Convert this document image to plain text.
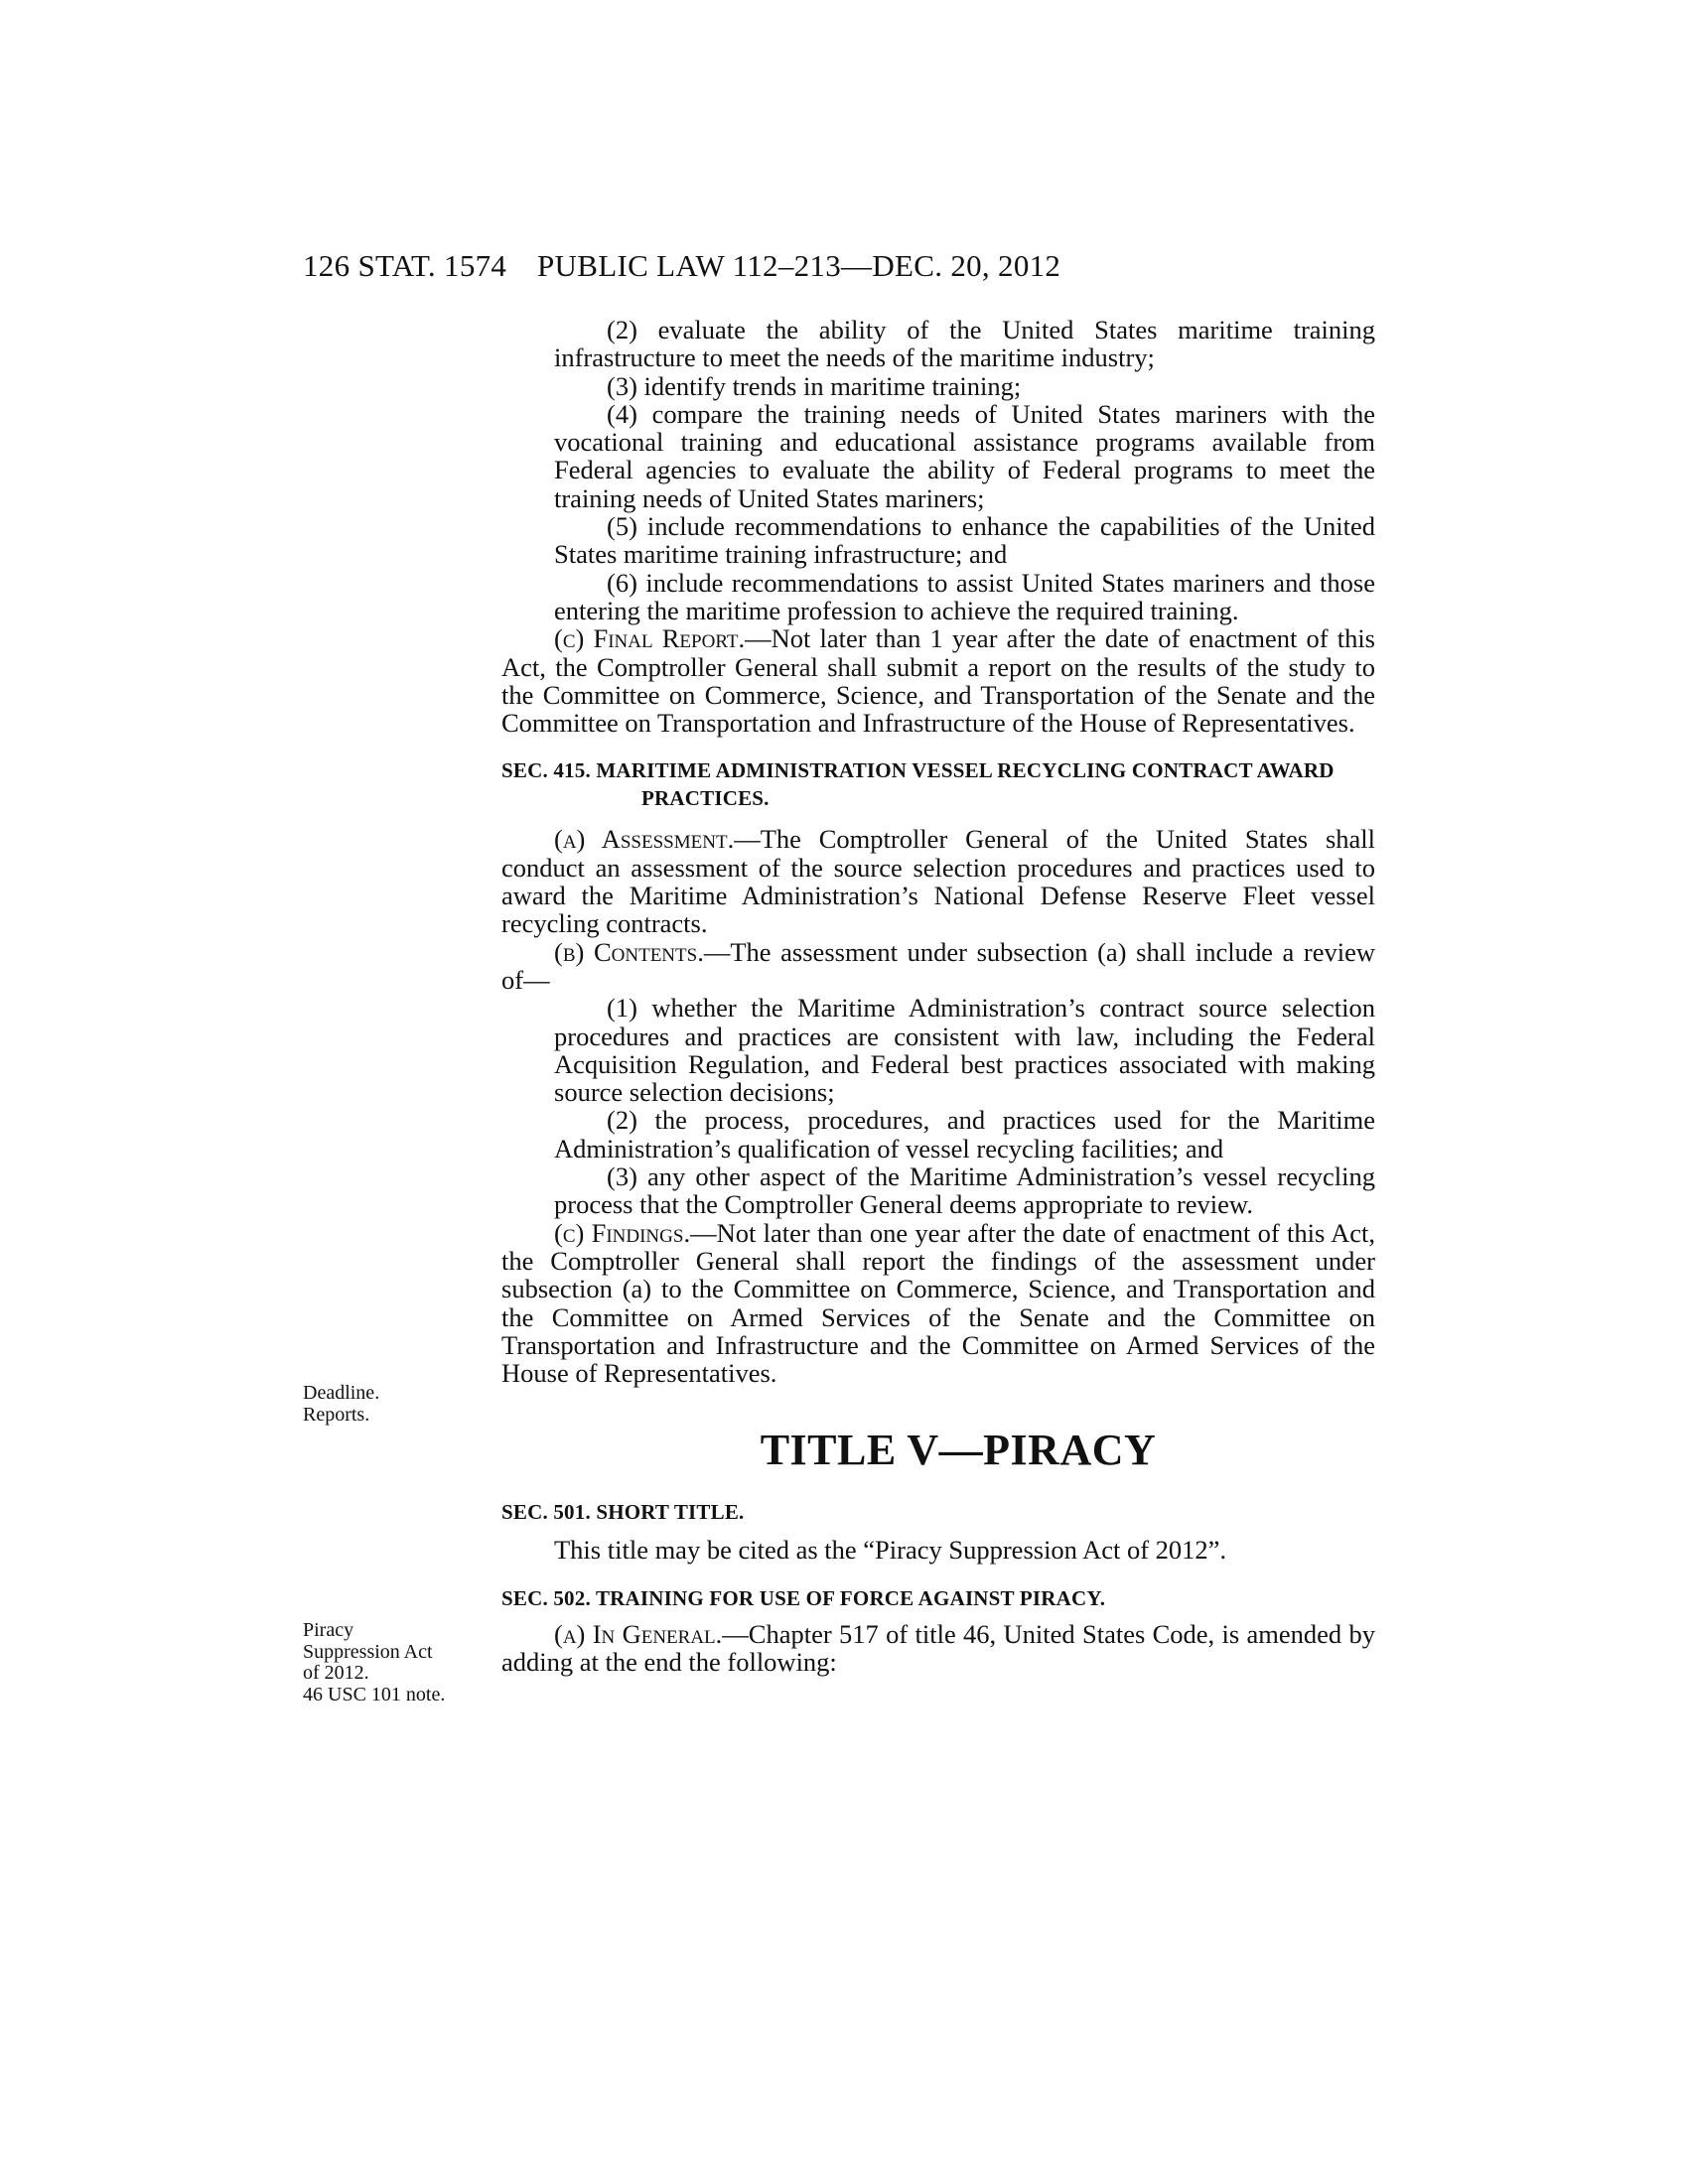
126 STAT. 1574 PUBLIC LAW 112–213—DEC. 20, 2012

(2) evaluate the ability of the United States maritime training infrastructure to meet the needs of the maritime industry;

(3) identify trends in maritime training;

(4) compare the training needs of United States mariners with the vocational training and educational assistance programs available from Federal agencies to evaluate the ability of Federal programs to meet the training needs of United States mariners;

(5) include recommendations to enhance the capabilities of the United States maritime training infrastructure; and

(6) include recommendations to assist United States mariners and those entering the maritime profession to achieve the required training.

(c) Final Report.—Not later than 1 year after the date of enactment of this Act, the Comptroller General shall submit a report on the results of the study to the Committee on Commerce, Science, and Transportation of the Senate and the Committee on Transportation and Infrastructure of the House of Representatives.

SEC. 415. MARITIME ADMINISTRATION VESSEL RECYCLING CONTRACT AWARD PRACTICES.

(a) Assessment.—The Comptroller General of the United States shall conduct an assessment of the source selection procedures and practices used to award the Maritime Administration’s National Defense Reserve Fleet vessel recycling contracts.

(b) Contents.—The assessment under subsection (a) shall include a review of—

(1) whether the Maritime Administration’s contract source selection procedures and practices are consistent with law, including the Federal Acquisition Regulation, and Federal best practices associated with making source selection decisions;

(2) the process, procedures, and practices used for the Maritime Administration’s qualification of vessel recycling facilities; and

(3) any other aspect of the Maritime Administration’s vessel recycling process that the Comptroller General deems appropriate to review.

(c) Findings.—Not later than one year after the date of enactment of this Act, the Comptroller General shall report the findings of the assessment under subsection (a) to the Committee on Commerce, Science, and Transportation and the Committee on Armed Services of the Senate and the Committee on Transportation and Infrastructure and the Committee on Armed Services of the House of Representatives.

TITLE V—PIRACY

SEC. 501. SHORT TITLE.

This title may be cited as the “Piracy Suppression Act of 2012”.

SEC. 502. TRAINING FOR USE OF FORCE AGAINST PIRACY.

(a) In General.—Chapter 517 of title 46, United States Code, is amended by adding at the end the following:

Deadline.
Reports.
Piracy
Suppression Act
of 2012.
46 USC 101 note.
